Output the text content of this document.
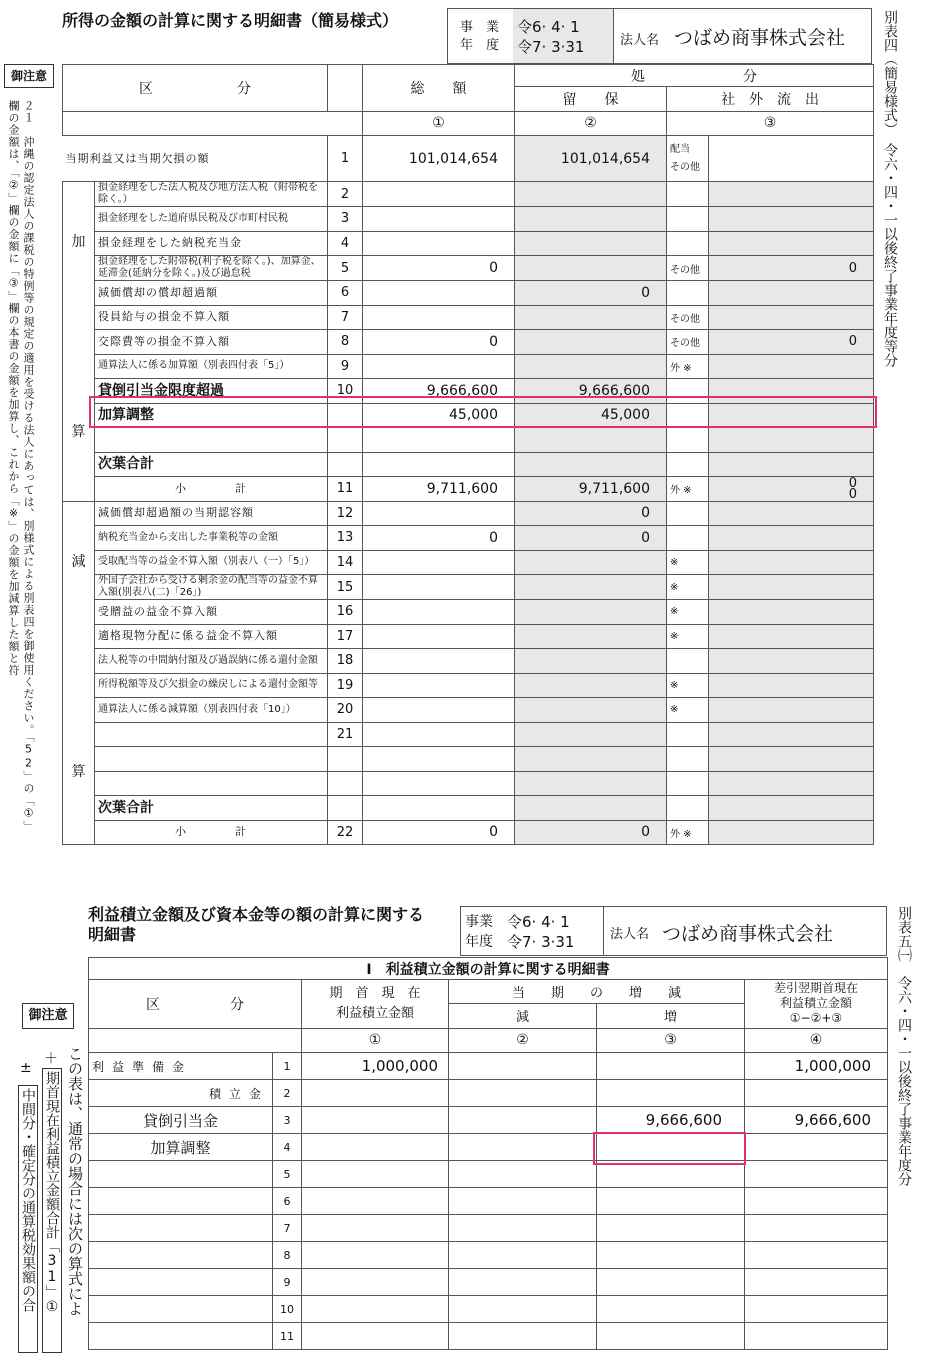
所得の金額の計算に関する明細書（簡易様式）	事　業
年　度
令6· 4· 1
令7· 3·31	法人名 つばめ商事株式会社	別表四（簡易様式）　令六・四・一以後終了事業年度等分
御注意
２１　沖縄の認定法人の課税の特例等の規定の適用を受ける法人にあっては、別様式による別表四を御使用ください。「52」の「①」欄の金額は、「②」欄の金額に「③」欄の本書の金額を加算し、これから「※」の金額を加減算した額と符
区　　　　　　分			総　　額	処　　　　　　　分		
				留　　保	社　外　流　出	
			①	②	③	
当期利益又は当期欠損の額		1	101,014,654	101,014,654	配当
その他	

加
算	損金経理をした法人税及び地方法人税（附帯税を除く。）	2				
	損金経理をした道府県民税及び市町村民税	3				
	損金経理をした納税充当金	4				
	損金経理をした附帯税(利子税を除く。)、加算金、延滞金(延納分を除く。)及び過怠税	5	0		その他	0
	減価償却の償却超過額	6		0		
	役員給与の損金不算入額	7			その他	
	交際費等の損金不算入額	8	0		その他	0
	通算法人に係る加算額（別表四付表「5」）	9			外 ※	
	貸倒引当金限度超過	10	9,666,600	9,666,600		
	加算調整		45,000	45,000		

	次葉合計					
	小　　　　計	11	9,711,600	9,711,600	外 ※	0
0

減
算	減価償却超過額の当期認容額	12		0		
	納税充当金から支出した事業税等の金額	13	0	0		
	受取配当等の益金不算入額（別表八（一）「5」）	14			※	
	外国子会社から受ける剰余金の配当等の益金不算入額(別表八(二)「26」)	15			※	
	受贈益の益金不算入額	16			※	
	適格現物分配に係る益金不算入額	17			※	
	法人税等の中間納付額及び過誤納に係る還付金額	18				
	所得税額等及び欠損金の繰戻しによる還付金額等	19			※	
	通算法人に係る減算額（別表四付表「10」）	20			※	
		21				

	次葉合計					
	小　　　　計	22	0	0	外 ※	
利益積立金額及び資本金等の額の計算に関する明細書
事業
年度
令6· 4· 1
令7· 3·31	法人名 つばめ商事株式会社	別表五㈠　令六・四・一以後終了事業年度分
御注意
この表は、通常の場合には次の算式によ
期首現在利益積立金額合計「31」①
中間分・確定分の通算税効果額の合
＋
±
Ⅰ　利益積立金額の計算に関する明細書					
区　　　　　分		期　首　現　在
利益積立金額	当　　期　　の　　増　　減		差引翌期首現在
利益積立金額
①−②+③
			減	増	
		①	②	③	④
利益準備金	1	1,000,000			1,000,000
積立金	2				
貸倒引当金	3			9,666,600	9,666,600
加算調整	4				
	5				
	6				
	7				
	8				
	9				
	10				
	11				
